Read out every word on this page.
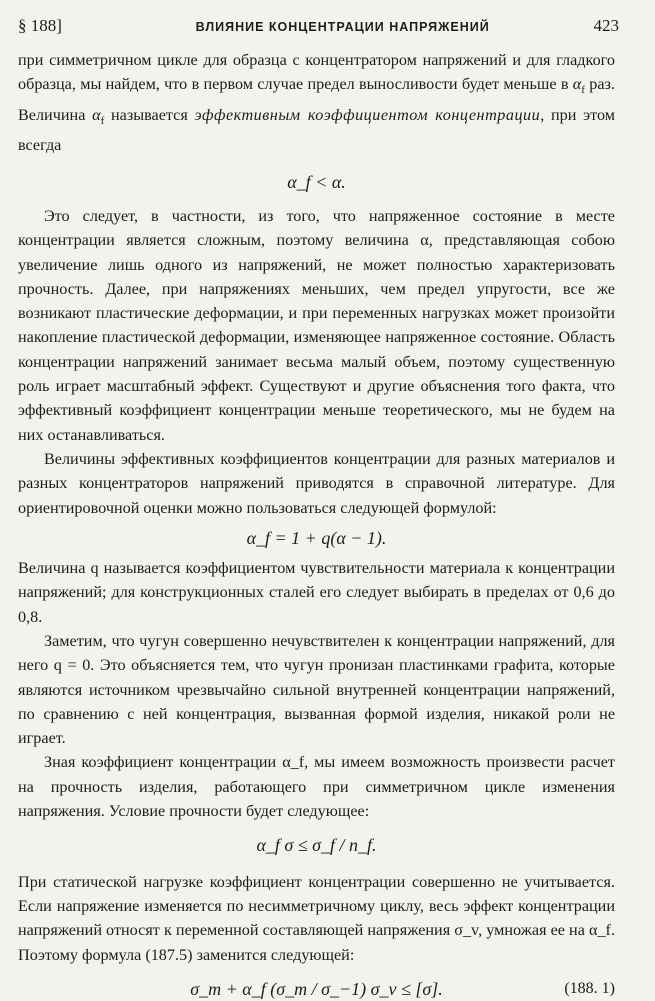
§ 188]	ВЛИЯНИЕ КОНЦЕНТРАЦИИ НАПРЯЖЕНИЙ	423

при симметричном цикле для образца с концентратором напряжений и для гладкого образца, мы найдем, что в первом случае предел выносливости будет меньше в $\alpha_f$ раз. Величина $\alpha_f$ называется эффективным коэффициентом концентрации, при этом всегда

α_f < α.

Это следует, в частности, из того, что напряженное состояние в месте концентрации является сложным, поэтому величина α, представляющая собою увеличение лишь одного из напряжений, не может полностью характеризовать прочность. Далее, при напряжениях меньших, чем предел упругости, все же возникают пластические деформации, и при переменных нагрузках может произойти накопление пластической деформации, изменяющее напряженное состояние. Область концентрации напряжений занимает весьма малый объем, поэтому существенную роль играет масштабный эффект. Существуют и другие объяснения того факта, что эффективный коэффициент концентрации меньше теоретического, мы не будем на них останавливаться.

Величины эффективных коэффициентов концентрации для разных материалов и разных концентраторов напряжений приводятся в справочной литературе. Для ориентировочной оценки можно пользоваться следующей формулой:

α_f = 1 + q(α − 1).

Величина q называется коэффициентом чувствительности материала к концентрации напряжений; для конструкционных сталей его следует выбирать в пределах от 0,6 до 0,8.

Заметим, что чугун совершенно нечувствителен к концентрации напряжений, для него q = 0. Это объясняется тем, что чугун пронизан пластинками графита, которые являются источником чрезвычайно сильной внутренней концентрации напряжений, по сравнению с ней концентрация, вызванная формой изделия, никакой роли не играет.

Зная коэффициент концентрации α_f, мы имеем возможность произвести расчет на прочность изделия, работающего при симметричном цикле изменения напряжения. Условие прочности будет следующее:

α_f σ ≤ σ_f / n_f.

При статической нагрузке коэффициент концентрации совершенно не учитывается. Если напряжение изменяется по несимметричному циклу, весь эффект концентрации напряжений относят к переменной составляющей напряжения σ_v, умножая ее на α_f. Поэтому формула (187.5) заменится следующей:

σ_m + α_f (σ_т / σ_−1) σ_v ≤ [σ].	(188. 1)
